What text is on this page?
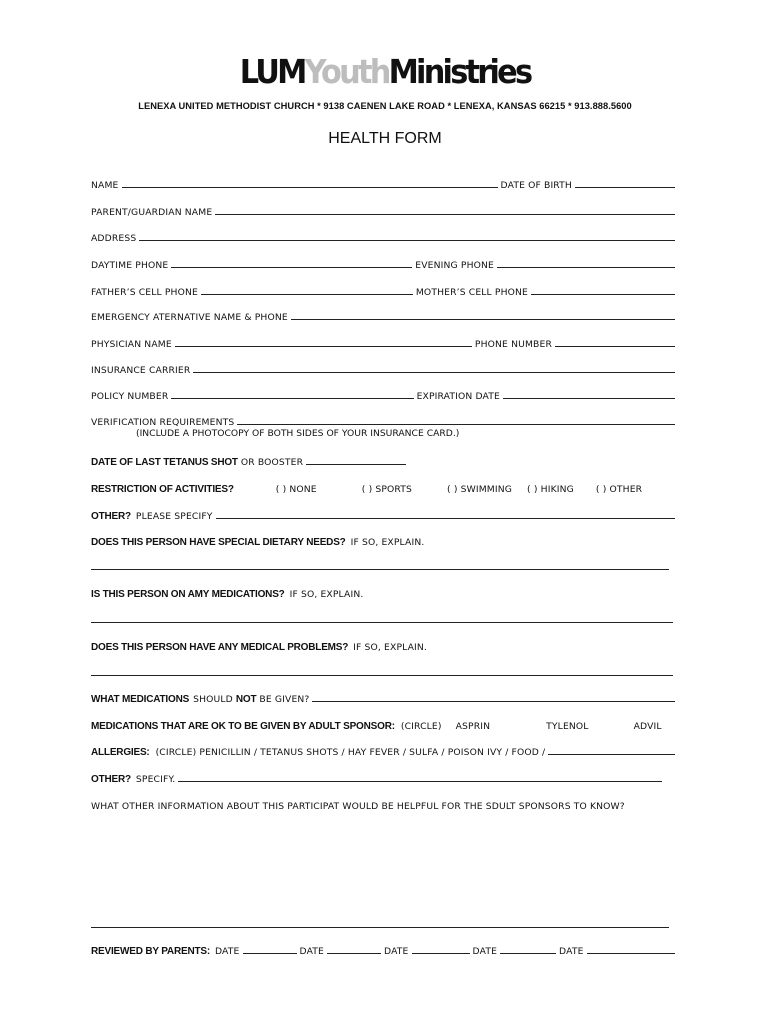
LUMYouthMinistries
LENEXA UNITED METHODIST CHURCH * 9138 CAENEN LAKE ROAD * LENEXA, KANSAS 66215 * 913.888.5600
HEALTH FORM
NAME	DATE OF BIRTH
PARENT/GUARDIAN NAME
ADDRESS
DAYTIME PHONE	EVENING PHONE
FATHER’S CELL PHONE	MOTHER’S CELL PHONE
EMERGENCY ATERNATIVE NAME & PHONE
PHYSICIAN NAME	PHONE NUMBER
INSURANCE CARRIER
POLICY NUMBER	EXPIRATION DATE
VERIFICATION REQUIREMENTS
(INCLUDE A PHOTOCOPY OF BOTH SIDES OF YOUR INSURANCE CARD.)
DATE OF LAST TETANUS SHOT OR BOOSTER
RESTRICTION OF ACTIVITIES?	( ) NONE	( ) SPORTS	( ) SWIMMING ( ) HIKING ( ) OTHER
OTHER? PLEASE SPECIFY
DOES THIS PERSON HAVE SPECIAL DIETARY NEEDS? IF SO, EXPLAIN.
IS THIS PERSON ON AMY MEDICATIONS? IF SO, EXPLAIN.
DOES THIS PERSON HAVE ANY MEDICAL PROBLEMS? IF SO, EXPLAIN.
WHAT MEDICATIONS SHOULD NOT BE GIVEN?
MEDICATIONS THAT ARE OK TO BE GIVEN BY ADULT SPONSOR: (CIRCLE) ASPRIN	TYLENOL	ADVIL
ALLERGIES: (CIRCLE) PENICILLIN / TETANUS SHOTS / HAY FEVER / SULFA / POISON IVY / FOOD /
OTHER? SPECIFY.
WHAT OTHER INFORMATION ABOUT THIS PARTICIPAT WOULD BE HELPFUL FOR THE SDULT SPONSORS TO KNOW?
REVIEWED BY PARENTS: DATE	DATE	DATE	DATE	DATE
